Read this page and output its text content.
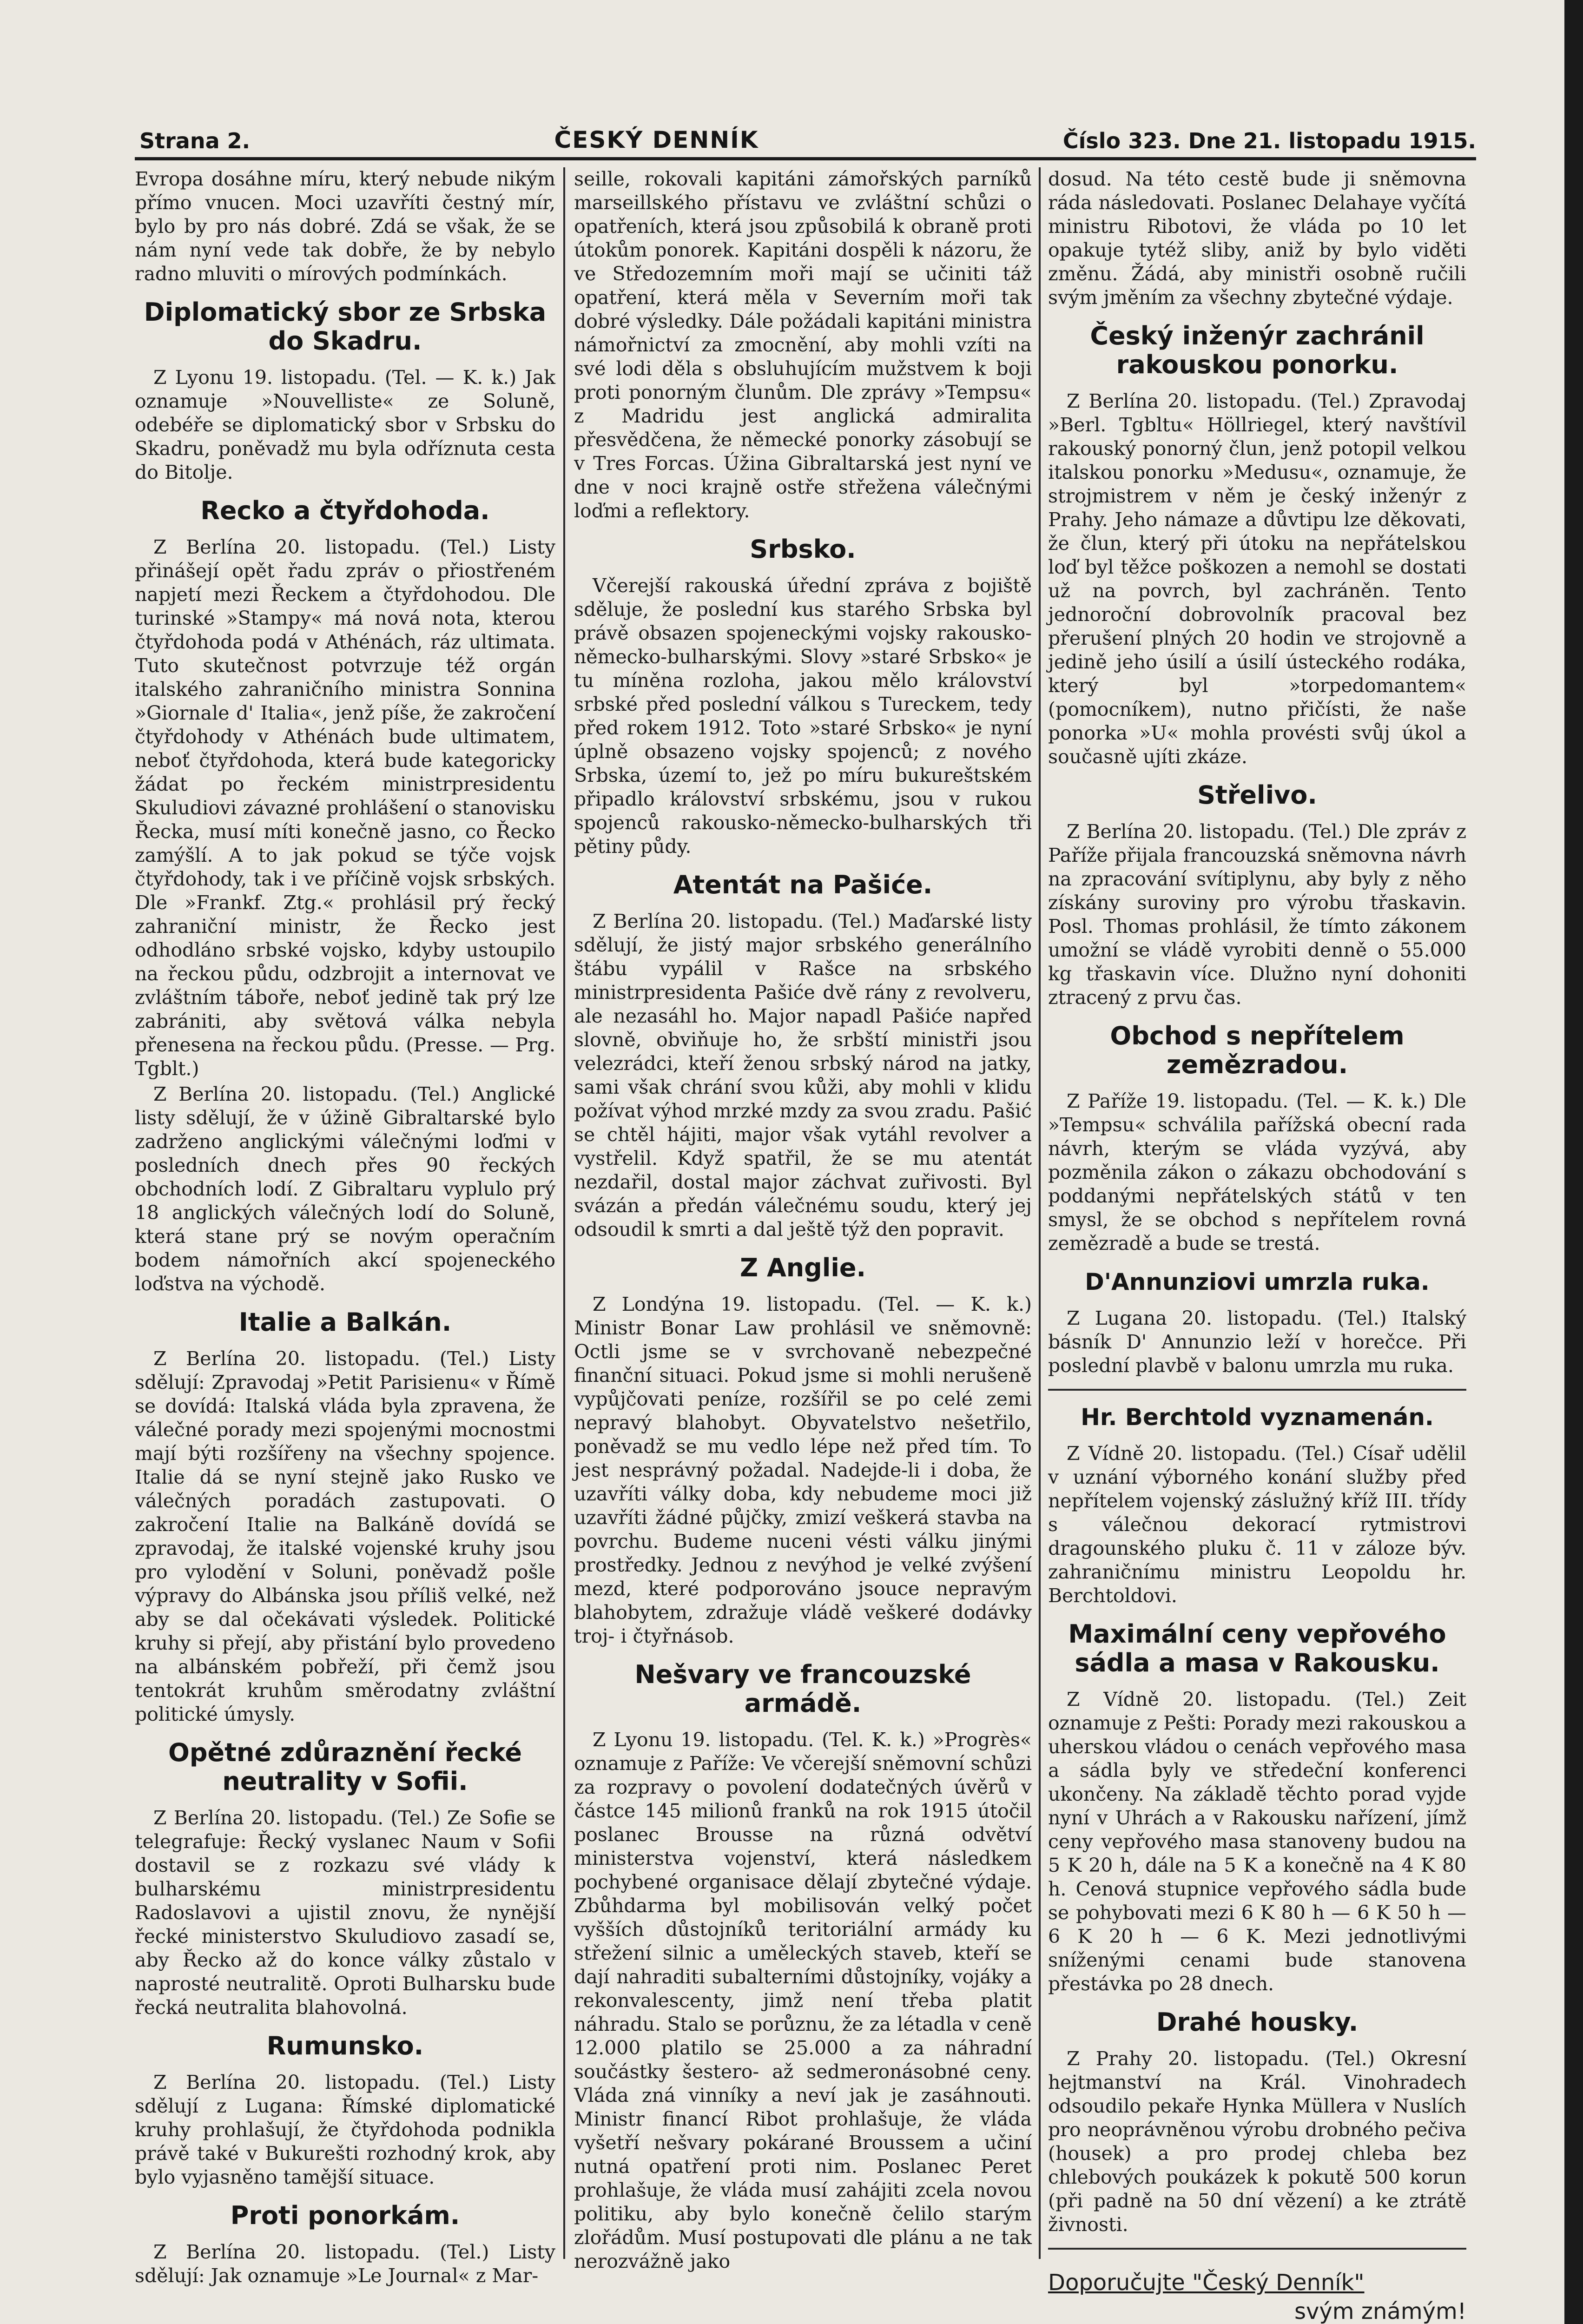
Strana 2.	ČESKÝ DENNÍK	Číslo 323. Dne 21. listopadu 1915.

Evropa dosáhne míru, který nebude nikým přímo vnucen. Moci uzavříti čestný mír, bylo by pro nás dobré. Zdá se však, že se nám nyní vede tak dobře, že by nebylo radno mluviti o mírových podmínkách.

Diplomatický sbor ze Srbska do Skadru.

Z Lyonu 19. listopadu. (Tel. — K. k.) Jak oznamuje »Nouvelliste« ze Soluně, odebéře se diplomatický sbor v Srbsku do Skadru, poněvadž mu byla odříznuta cesta do Bitolje.

Recko a čtyřdohoda.

Z Berlína 20. listopadu. (Tel.) Listy přinášejí opět řadu zpráv o přiostřeném napjetí mezi Řeckem a čtyřdohodou. Dle turinské »Stampy« má nová nota, kterou čtyřdohoda podá v Athénách, ráz ultimata. Tuto skutečnost potvrzuje též orgán italského zahraničního ministra Sonnina »Giornale d' Italia«, jenž píše, že zakročení čtyřdohody v Athénách bude ultimatem, neboť čtyřdohoda, která bude kategoricky žádat po řeckém ministrpresidentu Skuludiovi závazné prohlášení o stanovisku Řecka, musí míti konečně jasno, co Řecko zamýšlí. A to jak pokud se týče vojsk čtyřdohody, tak i ve příčině vojsk srbských. Dle »Frankf. Ztg.« prohlásil prý řecký zahraniční ministr, že Řecko jest odhodláno srbské vojsko, kdyby ustoupilo na řeckou půdu, odzbrojit a internovat ve zvláštním táboře, neboť jedině tak prý lze zabrániti, aby světová válka nebyla přenesena na řeckou půdu. (Presse. — Prg. Tgblt.)

Z Berlína 20. listopadu. (Tel.) Anglické listy sdělují, že v úžině Gibraltarské bylo zadrženo anglickými válečnými loďmi v posledních dnech přes 90 řeckých obchodních lodí. Z Gibraltaru vyplulo prý 18 anglických válečných lodí do Soluně, která stane prý se novým operačním bodem námořních akcí spojeneckého loďstva na východě.

Italie a Balkán.

Z Berlína 20. listopadu. (Tel.) Listy sdělují: Zpravodaj »Petit Parisienu« v Římě se dovídá: Italská vláda byla zpravena, že válečné porady mezi spojenými mocnostmi mají býti rozšířeny na všechny spojence. Italie dá se nyní stejně jako Rusko ve válečných poradách zastupovati. O zakročení Italie na Balkáně dovídá se zpravodaj, že italské vojenské kruhy jsou pro vylodění v Soluni, poněvadž pošle výpravy do Albánska jsou příliš velké, než aby se dal očekávati výsledek. Politické kruhy si přejí, aby přistání bylo provedeno na albánském pobřeží, při čemž jsou tentokrát kruhům směrodatny zvláštní politické úmysly.

Opětné zdůraznění řecké neutrality v Sofii.

Z Berlína 20. listopadu. (Tel.) Ze Sofie se telegrafuje: Řecký vyslanec Naum v Sofii dostavil se z rozkazu své vlády k bulharskému ministrpresidentu Radoslavovi a ujistil znovu, že nynější řecké ministerstvo Skuludiovo zasadí se, aby Řecko až do konce války zůstalo v naprosté neutralitě. Oproti Bulharsku bude řecká neutralita blahovolná.

Rumunsko.

Z Berlína 20. listopadu. (Tel.) Listy sdělují z Lugana: Římské diplomatické kruhy prohlašují, že čtyřdohoda podnikla právě také v Bukurešti rozhodný krok, aby bylo vyjasněno tamější situace.

Proti ponorkám.

Z Berlína 20. listopadu. (Tel.) Listy sdělují: Jak oznamuje »Le Journal« z Mar-

seille, rokovali kapitáni zámořských parníků marseillského přístavu ve zvláštní schůzi o opatřeních, která jsou způsobilá k obraně proti útokům ponorek. Kapitáni dospěli k názoru, že ve Středozemním moři mají se učiniti táž opatření, která měla v Severním moři tak dobré výsledky. Dále požádali kapitáni ministra námořnictví za zmocnění, aby mohli vzíti na své lodi děla s obsluhujícím mužstvem k boji proti ponorným člunům. Dle zprávy »Tempsu« z Madridu jest anglická admiralita přesvědčena, že německé ponorky zásobují se v Tres Forcas. Úžina Gibraltarská jest nyní ve dne v noci krajně ostře střežena válečnými loďmi a reflektory.

Srbsko.

Včerejší rakouská úřední zpráva z bojiště sděluje, že poslední kus starého Srbska byl právě obsazen spojeneckými vojsky rakousko-německo-bulharskými. Slovy »staré Srbsko« je tu míněna rozloha, jakou mělo království srbské před poslední válkou s Tureckem, tedy před rokem 1912. Toto »staré Srbsko« je nyní úplně obsazeno vojsky spojenců; z nového Srbska, území to, jež po míru bukureštském připadlo království srbskému, jsou v rukou spojenců rakousko-německo-bulharských tři pětiny půdy.

Atentát na Pašiće.

Z Berlína 20. listopadu. (Tel.) Maďarské listy sdělují, že jistý major srbského generálního štábu vypálil v Rašce na srbského ministrpresidenta Pašiće dvě rány z revolveru, ale nezasáhl ho. Major napadl Pašiće napřed slovně, obviňuje ho, že srbští ministři jsou velezrádci, kteří ženou srbský národ na jatky, sami však chrání svou kůži, aby mohli v klidu požívat výhod mrzké mzdy za svou zradu. Pašić se chtěl hájiti, major však vytáhl revolver a vystřelil. Když spatřil, že se mu atentát nezdařil, dostal major záchvat zuřivosti. Byl svázán a předán válečnému soudu, který jej odsoudil k smrti a dal ještě týž den popravit.

Z Anglie.

Z Londýna 19. listopadu. (Tel. — K. k.) Ministr Bonar Law prohlásil ve sněmovně: Octli jsme se v svrchovaně nebezpečné finanční situaci. Pokud jsme si mohli nerušeně vypůjčovati peníze, rozšířil se po celé zemi nepravý blahobyt. Obyvatelstvo nešetřilo, poněvadž se mu vedlo lépe než před tím. To jest nesprávný požadal. Nadejde-li i doba, že uzavříti války doba, kdy nebudeme moci již uzavříti žádné půjčky, zmizí veškerá stavba na povrchu. Budeme nuceni vésti válku jinými prostředky. Jednou z nevýhod je velké zvýšení mezd, které podporováno jsouce nepravým blahobytem, zdražuje vládě veškeré dodávky troj- i čtyřnásob.

Nešvary ve francouzské armádě.

Z Lyonu 19. listopadu. (Tel. K. k.) »Progrès« oznamuje z Paříže: Ve včerejší sněmovní schůzi za rozpravy o povolení dodatečných úvěrů v částce 145 milionů franků na rok 1915 útočil poslanec Brousse na různá odvětví ministerstva vojenství, která následkem pochybené organisace dělají zbytečné výdaje. Zbůhdarma byl mobilisován velký počet vyšších důstojníků teritoriální armády ku střežení silnic a uměleckých staveb, kteří se dají nahraditi subalterními důstojníky, vojáky a rekonvalescenty, jimž není třeba platit náhradu. Stalo se porůznu, že za létadla v ceně 12.000 platilo se 25.000 a za náhradní součástky šestero- až sedmeronásobné ceny. Vláda zná vinníky a neví jak je zasáhnouti. Ministr financí Ribot prohlašuje, že vláda vyšetří nešvary pokárané Broussem a učiní nutná opatření proti nim. Poslanec Peret prohlašuje, že vláda musí zahájiti zcela novou politiku, aby bylo konečně čelilo starým zlořádům. Musí postupovati dle plánu a ne tak nerozvážně jako

dosud. Na této cestě bude ji sněmovna ráda následovati. Poslanec Delahaye vyčítá ministru Ribotovi, že vláda po 10 let opakuje tytéž sliby, aniž by bylo viděti změnu. Žádá, aby ministři osobně ručili svým jměním za všechny zbytečné výdaje.

Český inženýr zachránil rakouskou ponorku.

Z Berlína 20. listopadu. (Tel.) Zpravodaj »Berl. Tgbltu« Höllriegel, který navštívil rakouský ponorný člun, jenž potopil velkou italskou ponorku »Medusu«, oznamuje, že strojmistrem v něm je český inženýr z Prahy. Jeho námaze a důvtipu lze děkovati, že člun, který při útoku na nepřátelskou loď byl těžce poškozen a nemohl se dostati už na povrch, byl zachráněn. Tento jednoroční dobrovolník pracoval bez přerušení plných 20 hodin ve strojovně a jedině jeho úsilí a úsilí ústeckého rodáka, který byl »torpedomantem« (pomocníkem), nutno přičísti, že naše ponorka »U« mohla provésti svůj úkol a současně ujíti zkáze.

Střelivo.

Z Berlína 20. listopadu. (Tel.) Dle zpráv z Paříže přijala francouzská sněmovna návrh na zpracování svítiplynu, aby byly z něho získány suroviny pro výrobu třaskavin. Posl. Thomas prohlásil, že tímto zákonem umožní se vládě vyrobiti denně o 55.000 kg třaskavin více. Dlužno nyní dohoniti ztracený z prvu čas.

Obchod s nepřítelem zemězradou.

Z Paříže 19. listopadu. (Tel. — K. k.) Dle »Tempsu« schválila pařížská obecní rada návrh, kterým se vláda vyzývá, aby pozměnila zákon o zákazu obchodování s poddanými nepřátelských států v ten smysl, že se obchod s nepřítelem rovná zemězradě a bude se trestá.

D'Annunziovi umrzla ruka.

Z Lugana 20. listopadu. (Tel.) Italský básník D' Annunzio leží v horečce. Při poslední plavbě v balonu umrzla mu ruka.

Hr. Berchtold vyznamenán.

Z Vídně 20. listopadu. (Tel.) Císař udělil v uznání výborného konání služby před nepřítelem vojenský záslužný kříž III. třídy s válečnou dekorací rytmistrovi dragounského pluku č. 11 v záloze býv. zahraničnímu ministru Leopoldu hr. Berchtoldovi.

Maximální ceny vepřového sádla a masa v Rakousku.

Z Vídně 20. listopadu. (Tel.) Zeit oznamuje z Pešti: Porady mezi rakouskou a uherskou vládou o cenách vepřového masa a sádla byly ve středeční konferenci ukončeny. Na základě těchto porad vyjde nyní v Uhrách a v Rakousku nařízení, jímž ceny vepřového masa stanoveny budou na 5 K 20 h, dále na 5 K a konečně na 4 K 80 h. Cenová stupnice vepřového sádla bude se pohybovati mezi 6 K 80 h — 6 K 50 h — 6 K 20 h — 6 K. Mezi jednotlivými sníženými cenami bude stanovena přestávka po 28 dnech.

Drahé housky.

Z Prahy 20. listopadu. (Tel.) Okresní hejtmanství na Král. Vinohradech odsoudilo pekaře Hynka Müllera v Nuslích pro neoprávněnou výrobu drobného pečiva (housek) a pro prodej chleba bez chlebových poukázek k pokutě 500 korun (při padně na 50 dní vězení) a ke ztrátě živnosti.

Doporučujte "Český Denník"
svým známým!
